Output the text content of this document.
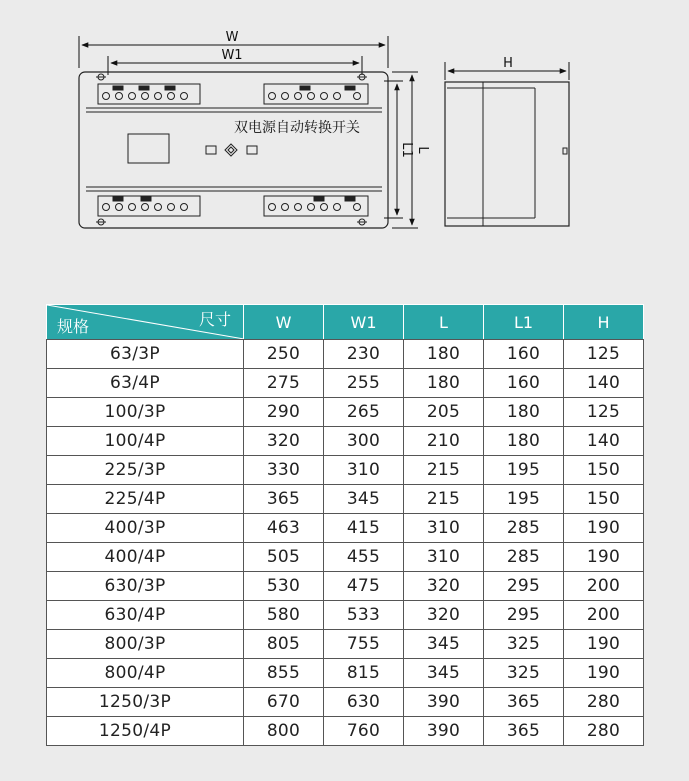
W
W1
双电源自动转换开关
L1 L
H
尺寸
规格	W	W1	L	L1	H
63/3P	250	230	180	160	125
63/4P	275	255	180	160	140
100/3P	290	265	205	180	125
100/4P	320	300	210	180	140
225/3P	330	310	215	195	150
225/4P	365	345	215	195	150
400/3P	463	415	310	285	190
400/4P	505	455	310	285	190
630/3P	530	475	320	295	200
630/4P	580	533	320	295	200
800/3P	805	755	345	325	190
800/4P	855	815	345	325	190
1250/3P	670	630	390	365	280
1250/4P	800	760	390	365	280
